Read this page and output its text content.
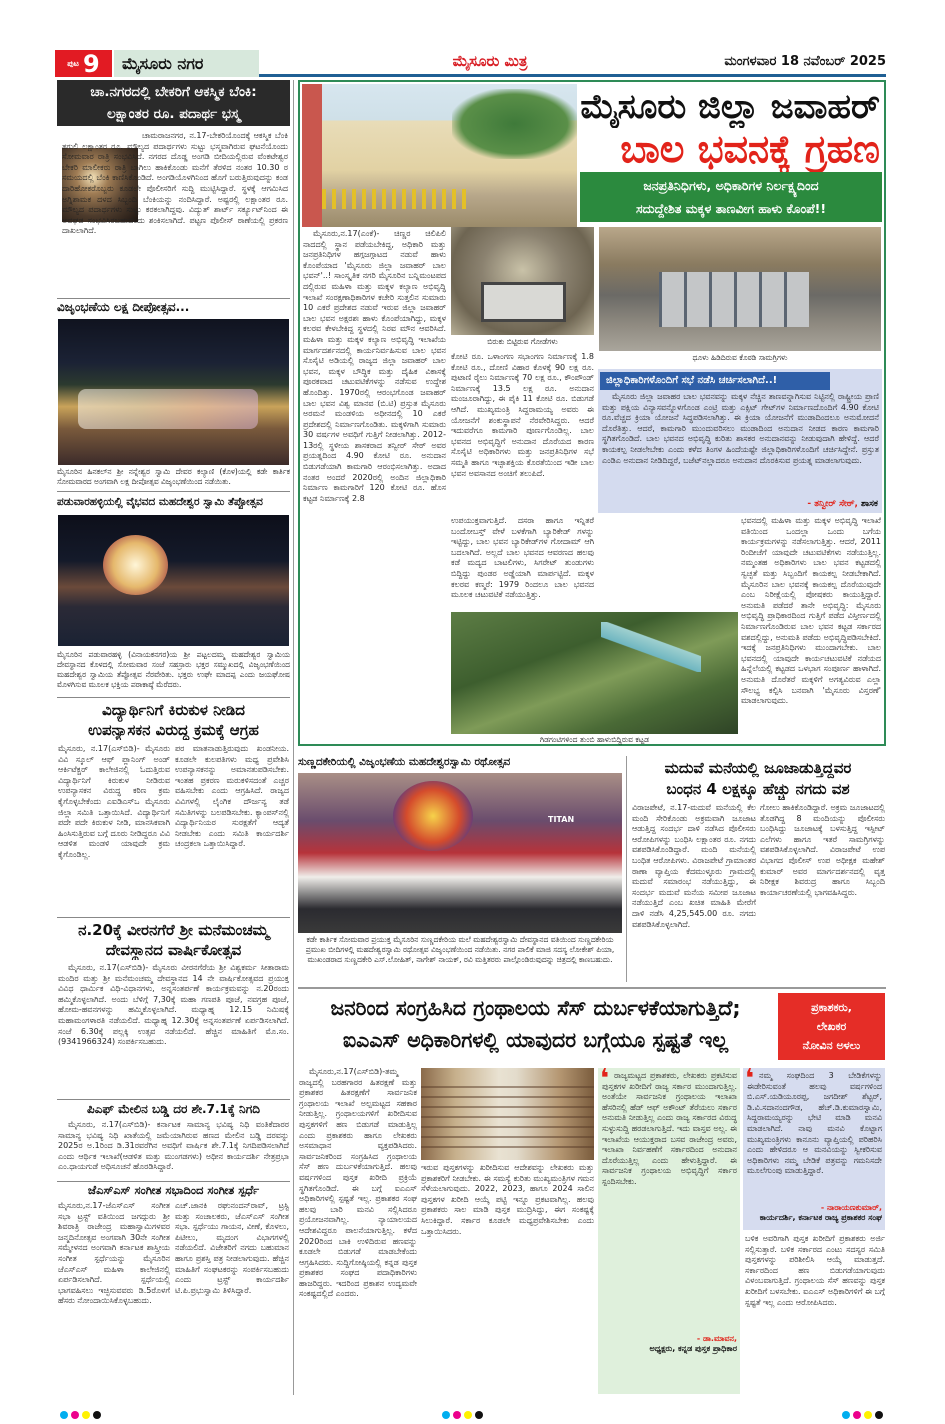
ಪುಟ 9	ಮೈಸೂರು ನಗರ	ಮೈಸೂರು ಮಿತ್ರ	ಮಂಗಳವಾರ 18 ನವೆಂಬರ್ 2025
ಚಾ.ನಗರದಲ್ಲಿ ಬೇಕರಿಗೆ ಆಕಸ್ಮಿಕ ಬೆಂಕಿ:
ಲಕ್ಷಾಂತರ ರೂ. ಪದಾರ್ಥ ಭಸ್ಮ
ಚಾಮರಾಜನಗರ, ನ.17-ಬೇಕರಿಯೊಂದಕ್ಕೆ ಆಕಸ್ಮಿಕ ಬೆಂಕಿ ತಗುಲಿ ಲಕ್ಷಾಂತರ ರೂ. ಮೌಲ್ಯದ ಪದಾರ್ಥಗಳು ಸುಟ್ಟು ಭಸ್ಮವಾಗಿರುವ ಘಟನೆಯೊಂದು ಸೋಮವಾರ ರಾತ್ರಿ ಸಂಭವಿಸಿದೆ. ನಗರದ ದೊಡ್ಡ ಅಂಗಡಿ ಬೀದಿಯಲ್ಲಿರುವ ವೆಂಕಟೇಶ್ವರ ಬೇಕರಿ ಮಾಲೀಕರು ರಾತ್ರಿ ಬಾಗಿಲು ಹಾಕಿಕೊಂಡು ಮನೆಗೆ ತೆರಳಿದ ನಂತರ 10.30 ರ ಸಮಯದಲ್ಲಿ ಬೆಂಕಿ ಕಾಣಿಸಿಕೊಂಡಿದೆ. ಅಂಗಡಿಯೊಳಗಿನಿಂದ ಹೊಗೆ ಬರುತ್ತಿರುವುದನ್ನು ಕಂಡ ದಾರಿಹೋಕರೊಬ್ಬರು ಕೂಡಲೇ ಪೊಲೀಸರಿಗೆ ಸುದ್ದಿ ಮುಟ್ಟಿಸಿದ್ದಾರೆ. ಸ್ಥಳಕ್ಕೆ ಆಗಮಿಸಿದ ಅಗ್ನಿಶಾಮಕ ದಳದ ಸಿಬ್ಬಂದಿ ಬೆಂಕಿಯನ್ನು ನಂದಿಸಿದ್ದಾರೆ. ಅಷ್ಟರಲ್ಲಿ ಲಕ್ಷಾಂತರ ರೂ. ಮೌಲ್ಯದ ಪದಾರ್ಥಗಳು ಸುಟ್ಟು ಕರಕಲಾಗಿದ್ದವು. ವಿದ್ಯುತ್ ಶಾರ್ಟ್ ಸರ್ಕ್ಯೂಟ್‌ನಿಂದ ಈ ಅವಘಡ ಸಂಭವಿಸಿರಬಹುದೆಂದು ಶಂಕಿಸಲಾಗಿದೆ. ಪಟ್ಟಣ ಪೊಲೀಸ್ ಠಾಣೆಯಲ್ಲಿ ಪ್ರಕರಣ ದಾಖಲಾಗಿದೆ.
ವಿಜೃಂಭಣೆಯ ಲಕ್ಷ ದೀಪೋತ್ಸವ...
ಮೈಸೂರಿನ ಹಿನಕಲ್‌ನ ಶ್ರೀ ನನ್ನೇಶ್ವರ ಸ್ವಾಮಿ ದೇವರ ಕಲ್ಯಾಣಿ (ಕೊಳ)ಯಲ್ಲಿ ಕಡೇ ಕಾರ್ತಿಕ ಸೋಮವಾರದ ಅಂಗವಾಗಿ ಲಕ್ಷ ದೀಪೋತ್ಸವ ವಿಜೃಂಭಣೆಯಿಂದ ನಡೆಯಿತು.
ಪಡುವಾರಹಳ್ಳಿಯಲ್ಲಿ ವೈಭವದ ಮಹದೇಶ್ವರ ಸ್ವಾಮಿ ತೆಪ್ಪೋತ್ಸವ
ಮೈಸೂರಿನ ಪಡುವಾರಹಳ್ಳಿ (ವಿನಾಯಕನಗರ)ಯ ಶ್ರೀ ಪಟ್ಟಲದಮ್ಮ ಮಹದೇಶ್ವರ ಸ್ವಾಮಿಯ ದೇವಸ್ಥಾನದ ಕೊಳದಲ್ಲಿ ಸೋಮವಾರ ಸಂಜೆ ಸಹಸ್ರಾರು ಭಕ್ತರ ಸಮ್ಮುಖದಲ್ಲಿ ವಿಜೃಂಭಣೆಯಿಂದ ಮಹದೇಶ್ವರ ಸ್ವಾಮಿಯ ತೆಪ್ಪೋತ್ಸವ ನೆರವೇರಿತು. ಭಕ್ತರು ಉಘೇ ಮಾದಪ್ಪ ಎಂದು ಜಯಘೋಷ ಮೊಳಗಿಸುವ ಮೂಲಕ ಭಕ್ತಿಯ ಪರಾಕಾಷ್ಠೆ ಮೆರೆದರು.
ವಿದ್ಯಾರ್ಥಿನಿಗೆ ಕಿರುಕುಳ ನೀಡಿದ
ಉಪನ್ಯಾಸಕನ ವಿರುದ್ಧ ಕ್ರಮಕ್ಕೆ ಆಗ್ರಹ
ಮೈಸೂರು, ನ.17(ಎಸ್‌ಬಿಡಿ)- ಮೈಸೂರು ವಿವಿ ಸ್ಕೂಲ್ ಆಫ್ ಪ್ಲಾನಿಂಗ್ ಅಂಡ್ ಆರ್ಕಿಟೆಕ್ಚರ್ ಕಾಲೇಜಿನಲ್ಲಿ ಓದುತ್ತಿರುವ ವಿದ್ಯಾರ್ಥಿನಿಗೆ ಕಿರುಕುಳ ನೀಡಿರುವ ಉಪನ್ಯಾಸಕನ ವಿರುದ್ಧ ಕಠಿಣ ಕ್ರಮ ಕೈಗೊಳ್ಳಬೇಕೆಂದು ಎಐಡಿಎಸ್‌ಒ ಮೈಸೂರು ಜಿಲ್ಲಾ ಸಮಿತಿ ಒತ್ತಾಯಿಸಿದೆ. ವಿದ್ಯಾರ್ಥಿನಿಗೆ ಪದೇ ಪದೇ ಕಿರುಕುಳ ನೀಡಿ, ಮಾನಸಿಕವಾಗಿ ಹಿಂಸಿಸುತ್ತಿರುವ ಬಗ್ಗೆ ದೂರು ನೀಡಿದ್ದರೂ ವಿವಿ ಆಡಳಿತ ಮಂಡಳಿ ಯಾವುದೇ ಕ್ರಮ ಕೈಗೊಂಡಿಲ್ಲ.
ಪರ ಮಾತನಾಡುತ್ತಿರುವುದು ಖಂಡನೀಯ. ಕೂಡಲೇ ಕುಲಪತಿಗಳು ಮಧ್ಯ ಪ್ರವೇಶಿಸಿ ಉಪನ್ಯಾಸಕನನ್ನು ಅಮಾನತುಪಡಿಸಬೇಕು. ಇಂತಹ ಪ್ರಕರಣ ಮರುಕಳಿಸದಂತೆ ಎಚ್ಚರ ವಹಿಸಬೇಕು ಎಂದು ಆಗ್ರಹಿಸಿದೆ. ರಾಜ್ಯದ ವಿವಿಗಳಲ್ಲಿ ಲೈಂಗಿಕ ದೌರ್ಜನ್ಯ ತಡೆ ಸಮಿತಿಗಳನ್ನು ಬಲಪಡಿಸಬೇಕು. ಕ್ಯಾಂಪಸ್‌ನಲ್ಲಿ ವಿದ್ಯಾರ್ಥಿನಿಯರ ಸುರಕ್ಷತೆಗೆ ಆದ್ಯತೆ ನೀಡಬೇಕು ಎಂದು ಸಮಿತಿ ಕಾರ್ಯದರ್ಶಿ ಚಂದ್ರಕಲಾ ಒತ್ತಾಯಿಸಿದ್ದಾರೆ.
ನ.20ಕ್ಕೆ ವೀರನಗೆರೆ ಶ್ರೀ ಮನೆಮಂಚಮ್ಮ
ದೇವಸ್ಥಾನದ ವಾರ್ಷಿಕೋತ್ಸವ
ಮೈಸೂರು, ನ.17(ಎಸ್‌ಬಿಡಿ)- ಮೈಸೂರು ವೀರನಗೆರೆಯ ಶ್ರೀ ವಿಶ್ವಕರ್ಮ ಸೀತಾರಾಮ ಮಂದಿರ ಮತ್ತು ಶ್ರೀ ಮನೆಮಂಚಮ್ಮ ದೇವಸ್ಥಾನದ 14 ನೇ ವಾರ್ಷಿಕೋತ್ಸವದ ಪ್ರಯುಕ್ತ ವಿವಿಧ ಧಾರ್ಮಿಕ ವಿಧಿ-ವಿಧಾನಗಳು, ಅನ್ನಸಂತರ್ಪಣೆ ಕಾರ್ಯಕ್ರಮವನ್ನು ನ.20ರಂದು ಹಮ್ಮಿಕೊಳ್ಳಲಾಗಿದೆ. ಅಂದು ಬೆಳಿಗ್ಗೆ 7,30ಕ್ಕೆ ಮಹಾ ಗಣಪತಿ ಪೂಜೆ, ನವಗ್ರಹ ಪೂಜೆ, ಹೋಮ-ಹವನಗಳನ್ನು ಹಮ್ಮಿಕೊಳ್ಳಲಾಗಿದೆ. ಮಧ್ಯಾಹ್ನ 12.15 ನಿಮಿಷಕ್ಕೆ ಮಹಾಮಂಗಳಾರತಿ ನಡೆಯಲಿದೆ. ಮಧ್ಯಾಹ್ನ 12.30ಕ್ಕೆ ಅನ್ನಸಂತರ್ಪಣೆ ಏರ್ಪಡಿಸಲಾಗಿದೆ. ಸಂಜೆ 6.30ಕ್ಕೆ ಪಲ್ಲಕ್ಕಿ ಉತ್ಸವ ನಡೆಯಲಿದೆ. ಹೆಚ್ಚಿನ ಮಾಹಿತಿಗೆ ಮೊ.ಸಂ. (9341966324) ಸಂಪರ್ಕಿಸಬಹುದು.
ಪಿಎಫ್ ಮೇಲಿನ ಬಡ್ಡಿ ದರ ಶೇ.7.1ಕ್ಕೆ ನಿಗದಿ
ಮೈಸೂರು, ನ.17(ಎಸ್‌ಬಿಡಿ)- ಕರ್ನಾಟಕ ಸಾಮಾನ್ಯ ಭವಿಷ್ಯ ನಿಧಿ ವಂತಿಕೆದಾರರ ಸಾಮಾನ್ಯ ಭವಿಷ್ಯ ನಿಧಿ ಖಾತೆಯಲ್ಲಿ ಜಮೆಯಾಗಿರುವ ಹಣದ ಮೇಲಿನ ಬಡ್ಡಿ ದರವನ್ನು 2025ರ ಅ.1ರಿಂದ ಡಿ.31ರವರೆಗಿನ ಅವಧಿಗೆ ವಾರ್ಷಿಕ ಶೇ.7.1ಕ್ಕೆ ನಿಗದಿಪಡಿಸಲಾಗಿದೆ ಎಂದು ಆರ್ಥಿಕ ಇಲಾಖೆ(ಆಡಳಿತ ಮತ್ತು ಮುಂಗಡಗಳು) ಅಧೀನ ಕಾರ್ಯದರ್ಶಿ ನೇತ್ರಪ್ರಭಾ ಎಂ.ಧಾಯಗುಡೆ ಅಧಿಸೂಚನೆ ಹೊರಡಿಸಿದ್ದಾರೆ.
ಜೆಎಸ್‌ಎಸ್ ಸಂಗೀತ ಸಭಾದಿಂದ ಸಂಗೀತ ಸ್ಪರ್ಧೆ
ಮೈಸೂರು,ನ.17-ಜೆಎಸ್‌ಎಸ್ ಸಂಗೀತ ಸಭಾ ಟ್ರಸ್ಟ್ ವತಿಯಿಂದ ಜಗದ್ಗುರು ಶ್ರೀ ಶಿವರಾತ್ರಿ ರಾಜೇಂದ್ರ ಮಹಾಸ್ವಾಮಿಗಳವರ ಜನ್ಮದಿನೋತ್ಸವ ಅಂಗವಾಗಿ 30ನೇ ಸಂಗೀತ ಸಮ್ಮೇಳನದ ಅಂಗವಾಗಿ ಕರ್ನಾಟಕ ಶಾಸ್ತ್ರೀಯ ಸಂಗೀತ ಸ್ಪರ್ಧೆಯನ್ನು ಮೈಸೂರಿನ ಜೆಎಸ್‌ಎಸ್ ಮಹಿಳಾ ಕಾಲೇಜಿನಲ್ಲಿ ಏರ್ಪಡಿಸಲಾಗಿದೆ. ಸ್ಪರ್ಧೆಯಲ್ಲಿ ಭಾಗವಹಿಸಲು ಇಚ್ಛಿಸುವವರು ಡಿ.5ರೊಳಗೆ ಹೆಸರು ನೋಂದಾಯಿಸಿಕೊಳ್ಳಬಹುದು.
ಎಚ್.ಜಾನಕಿ ರಘುನಂದನ್‌ರಾವ್, ಟ್ರಸ್ಟಿ ಮತ್ತು ಸಂಚಾಲಕರು, ಜೆಎಸ್‌ಎಸ್ ಸಂಗೀತ ಸಭಾ. ಸ್ಪರ್ಧೆಯು ಗಾಯನ, ವೀಣೆ, ಕೊಳಲು, ಪಿಟೀಲು, ಮೃದಂಗ ವಿಭಾಗಗಳಲ್ಲಿ ನಡೆಯಲಿದೆ. ವಿಜೇತರಿಗೆ ನಗದು ಬಹುಮಾನ ಹಾಗೂ ಪ್ರಶಸ್ತಿ ಪತ್ರ ನೀಡಲಾಗುವುದು. ಹೆಚ್ಚಿನ ಮಾಹಿತಿಗೆ ಸಂಘಟಕರನ್ನು ಸಂಪರ್ಕಿಸಬಹುದು ಎಂದು ಟ್ರಸ್ಟ್ ಕಾರ್ಯದರ್ಶಿ ಟಿ.ಪಿ.ಪ್ರಭುಸ್ವಾಮಿ ತಿಳಿಸಿದ್ದಾರೆ.
ಮೈಸೂರು ಜಿಲ್ಲಾ ಜವಾಹರ್
ಬಾಲ ಭವನಕ್ಕೆ ಗ್ರಹಣ
ಜನಪ್ರತಿನಿಧಿಗಳು, ಅಧಿಕಾರಿಗಳ ನಿರ್ಲಕ್ಷ್ಯದಿಂದ
ಸದುದ್ದೇಶಿತ ಮಕ್ಕಳ ತಾಣವೀಗ ಹಾಳು ಕೊಂಪೆ!!
ಮೈಸೂರು,ನ.17(ಎಂಕೆ)- ಚಿಣ್ಣರ ಚಿಲಿಪಿಲಿ ನಾದದಲ್ಲಿ ಸ್ಥಾನ ಪಡೆಯಬೇಕಿದ್ದ, ಅಧಿಕಾರಿ ಮತ್ತು ಜನಪ್ರತಿನಿಧಿಗಳ ಹಗ್ಗಜಗ್ಗಾಟದ ನಡುವೆ ಹಾಳು ಕೊಂಪೆಯಾದ 'ಮೈಸೂರು ಜಿಲ್ಲಾ ಜವಾಹರ್ ಬಾಲ ಭವನ್'..! ಸಾಂಸ್ಕೃತಿಕ ನಗರಿ ಮೈಸೂರಿನ ಬನ್ನಿಮಂಟಪದ ದಲ್ಲಿರುವ ಮಹಿಳಾ ಮತ್ತು ಮಕ್ಕಳ ಕಲ್ಯಾಣ ಅಭಿವೃದ್ಧಿ ಇಲಾಖೆ ಸಂರಕ್ಷಣಾಧಿಕಾರಿಗಳ ಕಚೇರಿ ಸುತ್ತಲಿನ ಸುಮಾರು 10 ಎಕರೆ ಪ್ರದೇಶದ ನಡುವೆ ಇರುವ ಜಿಲ್ಲಾ ಜವಾಹರ್ ಬಾಲ ಭವನ ಅಕ್ಷರಶಃ ಹಾಳು ಕೊಂಪೆಯಾಗಿದ್ದು, ಮಕ್ಕಳ ಕಲರವ ಕೇಳಬೇಕಿದ್ದ ಸ್ಥಳದಲ್ಲಿ ನಿರವ ಮೌನ ಆವರಿಸಿದೆ. ಮಹಿಳಾ ಮತ್ತು ಮಕ್ಕಳ ಕಲ್ಯಾಣ ಅಭಿವೃದ್ಧಿ ಇಲಾಖೆಯ ಮಾರ್ಗದರ್ಶನದಲ್ಲಿ ಕಾರ್ಯನಿರ್ವಹಿಸುವ ಬಾಲ ಭವನ ಸೊಸೈಟಿ ಅಡಿಯಲ್ಲಿ ರಾಜ್ಯದ ಜಿಲ್ಲಾ ಜವಾಹರ್ ಬಾಲ ಭವನ, ಮಕ್ಕಳ ಬೌದ್ಧಿಕ ಮತ್ತು ದೈಹಿಕ ವಿಕಾಸಕ್ಕೆ ಪೂರಕವಾದ ಚಟುವಟಿಕೆಗಳನ್ನು ನಡೆಸುವ ಉದ್ದೇಶ ಹೊಂದಿತ್ತು. 1970ರಲ್ಲಿ ಆರಂಭಗೊಂಡ ಜವಾಹರ್ ಬಾಲ ಭವನ ವಿಶ್ವ ಮಾನವ (ಬಿ.ಟಿ) ಪ್ರಸ್ತುತ ಮೈಸೂರು ಅರಮನೆ ಮಂಡಳಿಯ ಅಧೀನದಲ್ಲಿ 10 ಎಕರೆ ಪ್ರದೇಶದಲ್ಲಿ ನಿರ್ಮಾಣಗೊಂಡಿತು. ಮಕ್ಕಳಿಗಾಗಿ ಸುಮಾರು 30 ವರ್ಷಗಳ ಅವಧಿಗೆ ಗುತ್ತಿಗೆ ನೀಡಲಾಗಿತ್ತು. 2012-13ರಲ್ಲಿ ಸ್ಥಳೀಯ ಶಾಸಕರಾದ ತನ್ವೀರ್ ಸೇಠ್ ಅವರ ಪ್ರಯತ್ನದಿಂದ 4.90 ಕೋಟಿ ರೂ. ಅನುದಾನ ಬಿಡುಗಡೆಯಾಗಿ ಕಾಮಗಾರಿ ಆರಂಭಿಸಲಾಗಿತ್ತು. ಅದಾದ ನಂತರ ಅಂದರೆ 2020ರಲ್ಲಿ ಅಂದಿನ ಜಿಲ್ಲಾಧಿಕಾರಿ ನಿರ್ಮಾಣ ಕಾಮಗಾರಿಗೆ 120 ಕೋಟಿ ರೂ. ಹೊಸ ಕಟ್ಟಡ ನಿರ್ಮಾಣಕ್ಕೆ 2.8
ಬಿರುಕು ಬಿಟ್ಟಿರುವ ಗೋಡೆಗಳು
ಕೋಟಿ ರೂ. ಒಳಾಂಗಣ ಸಭಾಂಗಣ ನಿರ್ಮಾಣಕ್ಕೆ 1.8 ಕೋಟಿ ರೂ., ದೋಣಿ ವಿಹಾರ ಕೊಳಕ್ಕೆ 90 ಲಕ್ಷ ರೂ. ಪುಟಾಣಿ ರೈಲು ನಿರ್ಮಾಣಕ್ಕೆ 70 ಲಕ್ಷ ರೂ., ಕೌಂಪೌಂಡ್ ನಿರ್ಮಾಣಕ್ಕೆ 13.5 ಲಕ್ಷ ರೂ. ಅನುದಾನ ಮಂಜೂರಾಗಿದ್ದು, ಈ ಪೈಕಿ 11 ಕೋಟಿ ರೂ. ಬಿಡುಗಡೆ ಆಗಿದೆ. ಮುಖ್ಯಮಂತ್ರಿ ಸಿದ್ದರಾಮಯ್ಯ ಅವರು ಈ ಯೋಜನೆಗೆ ಶಂಕುಸ್ಥಾಪನೆ ನೆರವೇರಿಸಿದ್ದರು. ಆದರೆ ಇದುವರೆಗೂ ಕಾಮಗಾರಿ ಪೂರ್ಣಗೊಂಡಿಲ್ಲ. ಬಾಲ ಭವನದ ಅಭಿವೃದ್ಧಿಗೆ ಅನುದಾನ ದೊರೆಯದ ಕಾರಣ ಸೊಸೈಟಿ ಅಧಿಕಾರಿಗಳು ಮತ್ತು ಜನಪ್ರತಿನಿಧಿಗಳ ಸಭೆ ಸಮ್ಮತಿ ಹಾಗೂ ಇಚ್ಛಾಶಕ್ತಿಯ ಕೊರತೆಯಿಂದ ಇಡೀ ಬಾಲ ಭವನ ಅವಸಾನದ ಅಂಚಿಗೆ ತಲುಪಿದೆ.
ಧೂಳು ಹಿಡಿದಿರುವ ಕೊಠಡಿ ಸಾಮಗ್ರಿಗಳು
ಜಿಲ್ಲಾಧಿಕಾರಿಗಳೊಂದಿಗೆ ಸಭೆ ನಡೆಸಿ ಚರ್ಚಿಸಲಾಗಿದೆ..!
ಮೈಸೂರು ಜಿಲ್ಲಾ ಜವಾಹರ ಬಾಲ ಭವನವನ್ನು ಮಕ್ಕಳ ನೆಚ್ಚಿನ ತಾಣವನ್ನಾಗಿಸುವ ನಿಟ್ಟಿನಲ್ಲಿ ರಾಷ್ಟ್ರೀಯ ಪ್ರಾಣಿ ಮತ್ತು ಪಕ್ಷಿಯ ವಿನ್ಯಾಸವನ್ನೊಳಗೊಂಡ ಎಂಟ್ರಿ ಮತ್ತು ಎಕ್ಸಿಟ್ ಗೇಟ್‌ಗಳ ನಿರ್ಮಾಣದೊಂದಿಗೆ 4.90 ಕೋಟಿ ರೂ.ವೆಚ್ಚದ ಕ್ರಿಯಾ ಯೋಜನೆ ಸಿದ್ಧಪಡಿಸಲಾಗಿತ್ತು. ಈ ಕ್ರಿಯಾ ಯೋಜನೆಗೆ ಮುಡಾದಿಂದಲೂ ಅನುಮೋದನೆ ದೊರೆತಿತ್ತು. ಆದರೆ, ಕಾಮಗಾರಿ ಮುಂದುವರಿಸಲು ಮುಡಾದಿಂದ ಅನುದಾನ ನೀಡದ ಕಾರಣ ಕಾಮಗಾರಿ ಸ್ಥಗಿತಗೊಂಡಿದೆ. ಬಾಲ ಭವನದ ಅಭಿವೃದ್ಧಿ ಕುರಿತು ಶಾಸಕರ ಅನುದಾನವನ್ನು ನೀಡುವುದಾಗಿ ಹೇಳಿದ್ದೆ. ಆದರೆ ಕಾಯಕಲ್ಪ ನೀಡಲೇಬೇಕು ಎಂದು ಕಳೆದ ತಿಂಗಳ ಹಿಂದೆಯಷ್ಟೇ ಜಿಲ್ಲಾಧಿಕಾರಿಗಳೊಂದಿಗೆ ಚರ್ಚಿಸಿದ್ದೇನೆ. ಪ್ರಸ್ತುತ ಎಂಡಿಎ ಅನುದಾನ ನೀಡಿದಿದ್ದರೆ, ಬಜೆಟ್‌ನಲ್ಲಾದರೂ ಅನುದಾನ ದೊರಕಿಸುವ ಪ್ರಯತ್ನ ಮಾಡಲಾಗುವುದು.
- ತನ್ವೀರ್ ಸೇಠ್, ಶಾಸಕ
ಉಪಯುಕ್ತವಾಗುತ್ತಿದೆ. ದಸರಾ ಹಾಗೂ ಇನ್ನಿತರೆ ಬಂದೋಬಸ್ತ್ ವೇಳೆ ಬಳಕೆಗಾಗಿ ಬ್ಯಾರಿಕೇಡ್ ಗಳನ್ನು ಇಟ್ಟಿದ್ದು, ಬಾಲ ಭವನ ಬ್ಯಾರಿಕೇಡ್‌ಗಳ ಗೋದಾಮ್ ಆಗಿ ಬದಲಾಗಿದೆ. ಅಲ್ಲದೆ ಬಾಲ ಭವನದ ಆವರಣದ ಹಲವು ಕಡೆ ಮದ್ಯದ ಬಾಟಲಿಗಳು, ಸಿಗರೇಟ್ ತುಂಡುಗಳು ಬಿದ್ದಿದ್ದು ಪುಂಡರ ಅಡ್ಡೆಯಾಗಿ ಮಾರ್ಪಟ್ಟಿದೆ. ಮಕ್ಕಳ ಕಲರವ ಕಣ್ಮರೆ: 1979 ರಿಂದಲೂ ಬಾಲ ಭವನದ ಮೂಲಕ ಚಟುವಟಿಕೆ ನಡೆಯುತ್ತಿತ್ತು.
ಭವನದಲ್ಲಿ ಮಹಿಳಾ ಮತ್ತು ಮಕ್ಕಳ ಅಭಿವೃದ್ಧಿ ಇಲಾಖೆ ವತಿಯಿಂದ ಒಂದಲ್ಲಾ ಒಂದು ಬಗೆಯ ಕಾರ್ಯಕ್ರಮಗಳನ್ನು ನಡೆಸಲಾಗುತ್ತಿತ್ತು. ಆದರೆ, 2011 ರಿಂದೀಚೆಗೆ ಯಾವುದೇ ಚಟುವಟಿಕೆಗಳು ನಡೆಯುತ್ತಿಲ್ಲ. ನಮ್ಮಂತಹ ಅಧಿಕಾರಿಗಳು ಬಾಲ ಭವನ ಕಟ್ಟಡದಲ್ಲಿ ಸ್ವಚ್ಛತೆ ಮತ್ತು ಸಿಬ್ಬಂದಿಗೆ ಕಾಯಕಲ್ಪ ನೀಡಬೇಕಾಗಿದೆ. ಮೈಸೂರಿನ ಬಾಲ ಭವನಕ್ಕೆ ಕಾಯಕಲ್ಪ ದೊರೆಯುವುದೇ ಎಂಬ ನಿರೀಕ್ಷೆಯಲ್ಲಿ ಪೋಷಕರು ಕಾಯುತ್ತಿದ್ದಾರೆ. ಅನುಮತಿ ಪಡೆದರೆ ತಾನೇ ಅಭಿವೃದ್ಧಿ: ಮೈಸೂರು ಅಭಿವೃದ್ಧಿ ಪ್ರಾಧಿಕಾರದಿಂದ ಗುತ್ತಿಗೆ ಪಡೆದ ವಿಸ್ತೀರ್ಣದಲ್ಲಿ ನಿರ್ಮಾಣಗೊಂಡಿರುವ ಬಾಲ ಭವನ ಕಟ್ಟಡ ಸರ್ಕಾರದ ವಶದಲ್ಲಿದ್ದು, ಅನುಮತಿ ಪಡೆದು ಅಭಿವೃದ್ಧಿಪಡಿಸಬೇಕಿದೆ. ಇದಕ್ಕೆ ಜನಪ್ರತಿನಿಧಿಗಳು ಮುಂದಾಗಬೇಕು. ಬಾಲ ಭವನದಲ್ಲಿ ಯಾವುದೇ ಕಾರ್ಯಚಟುವಟಿಕೆ ನಡೆಯದ ಹಿನ್ನೆಲೆಯಲ್ಲಿ ಕಟ್ಟಡದ ಒಳಭಾಗ ಸಂಪೂರ್ಣ ಹಾಳಾಗಿದೆ. ಅನುಮತಿ ದೊರೆತರೆ ಮಕ್ಕಳಿಗೆ ಅಗತ್ಯವಿರುವ ಎಲ್ಲಾ ಸೌಲಭ್ಯ ಕಲ್ಪಿಸಿ ಬನವಾಗಿ 'ಮೈಸೂರು ವಿಸ್ತರಣೆ' ಮಾಡಲಾಗುವುದು.
ಗಿಡಗಂಟಿಗಳಿಂದ ತುಂಬಿ ಹಾಳುಬಿದ್ದಿರುವ ಕಟ್ಟಡ
ಸುಣ್ಣದಕೇರಿಯಲ್ಲಿ ವಿಜೃಂಭಣೆಯ ಮಹದೇಶ್ವರಸ್ವಾಮಿ ರಥೋತ್ಸವ
TITAN
ಕಡೇ ಕಾರ್ತಿಕ ಸೋಮವಾರ ಪ್ರಯುಕ್ತ ಮೈಸೂರಿನ ಸುಣ್ಣದಕೇರಿಯ ಮಲೆ ಮಹದೇಶ್ವರಸ್ವಾಮಿ ದೇವಸ್ಥಾನದ ವತಿಯಿಂದ ಸುಣ್ಣದಕೇರಿಯ ಪ್ರಮುಖ ಬೀದಿಗಳಲ್ಲಿ ಮಹದೇಶ್ವರಸ್ವಾಮಿ ರಥೋತ್ಸವ ವಿಜೃಂಭಣೆಯಿಂದ ನಡೆಯಿತು. ನಗರ ಪಾಲಿಕೆ ಮಾಜಿ ಸದಸ್ಯ ಲೋಕೇಶ್ ಪಿಯಾ, ಮುಖಂಡರಾದ ಸುಣ್ಣದಕೇರಿ ಎಸ್.ಲೋಹಿತ್, ನಾಗೇಶ್ ನಾಯಕ್, ರವಿ ಮತ್ತಿತರರು ಪಾಲ್ಗೊಂಡಿರುವುದನ್ನು ಚಿತ್ರದಲ್ಲಿ ಕಾಣಬಹುದು.
ಮದುವೆ ಮನೆಯಲ್ಲಿ ಜೂಜಾಡುತ್ತಿದ್ದವರ
ಬಂಧನ 4 ಲಕ್ಷಕ್ಕೂ ಹೆಚ್ಚು ನಗದು ವಶ
ವಿರಾಜಪೇಟೆ, ನ.17-ಮದುವೆ ಮನೆಯಲ್ಲಿ ಕೆಲ ಮಂದಿ ಸೇರಿಕೊಂಡು ಅಕ್ರಮವಾಗಿ ಜೂಜಾಟ ಆಡುತ್ತಿದ್ದ ಸಂದರ್ಭ ದಾಳಿ ನಡೆಸಿದ ಪೊಲೀಸರು ಆರೋಪಿಗಳನ್ನು ಬಂಧಿಸಿ ಲಕ್ಷಾಂತರ ರೂ. ನಗದು ವಶಪಡಿಸಿಕೊಂಡಿದ್ದಾರೆ. ಮಂದಿ ಮನೆಯಲ್ಲಿ ಬಂಧಿತ ಆರೋಪಿಗಳು. ವಿರಾಜಪೇಟೆ ಗ್ರಾಮಾಂತರ ಠಾಣಾ ವ್ಯಾಪ್ತಿಯ ಕೆದಮುಳ್ಳೂರು ಗ್ರಾಮದಲ್ಲಿ ಮದುವೆ ಸಮಾರಂಭ ನಡೆಯುತ್ತಿದ್ದು, ಈ ಸಂದರ್ಭ ಮದುವೆ ಮನೆಯ ಸಮೀಪ ಜೂಜಾಟ ನಡೆಯುತ್ತಿದೆ ಎಂಬ ಖಚಿತ ಮಾಹಿತಿ ಮೇರೆಗೆ ದಾಳಿ ನಡೆಸಿ 4,25,545.00 ರೂ. ನಗದು ವಶಪಡಿಸಿಕೊಳ್ಳಲಾಗಿದೆ.
ಗೋಲು ಹಾಕಿಕೊಂಡಿದ್ದಾರೆ. ಅಕ್ರಮ ಜೂಜಾಟದಲ್ಲಿ ತೊಡಗಿದ್ದ 8 ಮಂದಿಯನ್ನು ಪೊಲೀಸರು ಬಂಧಿಸಿದ್ದು ಜೂಜಾಟಕ್ಕೆ ಬಳಸುತ್ತಿದ್ದ ಇಸ್ಪೀಟ್ ಎಲೆಗಳು ಹಾಗೂ ಇತರೆ ಸಾಮಗ್ರಿಗಳನ್ನು ವಶಪಡಿಸಿಕೊಳ್ಳಲಾಗಿದೆ. ವಿರಾಜಪೇಟೆ ಉಪ ವಿಭಾಗದ ಪೊಲೀಸ್ ಉಪ ಅಧೀಕ್ಷಕ ಮಹೇಶ್ ಕುಮಾರ್ ಅವರ ಮಾರ್ಗದರ್ಶನದಲ್ಲಿ ವೃತ್ತ ನಿರೀಕ್ಷಕ ಶಿವರುದ್ರ ಹಾಗೂ ಸಿಬ್ಬಂದಿ ಕಾರ್ಯಾಚರಣೆಯಲ್ಲಿ ಭಾಗವಹಿಸಿದ್ದರು.
ಜನರಿಂದ ಸಂಗ್ರಹಿಸಿದ ಗ್ರಂಥಾಲಯ ಸೆಸ್ ದುರ್ಬಳಕೆಯಾಗುತ್ತಿದೆ;
ಐಎಎಸ್ ಅಧಿಕಾರಿಗಳಲ್ಲಿ ಯಾವುದರ ಬಗ್ಗೆಯೂ ಸ್ಪಷ್ಟತೆ ಇಲ್ಲ
ಪ್ರಕಾಶಕರು,
ಲೇಖಕರ
ನೋವಿನ ಅಳಲು
ಮೈಸೂರು,ನ.17(ಎಸ್‌ಬಿಡಿ)-ತಮ್ಮ ರಾಜ್ಯದಲ್ಲಿ ಬರಹಗಾರರ ಹಿತರಕ್ಷಣೆ ಮತ್ತು ಪ್ರಕಾಶಕರ ಹಿತರಕ್ಷಣೆಗೆ ಸಾರ್ವಜನಿಕ ಗ್ರಂಥಾಲಯ ಇಲಾಖೆ ಅಲ್ಪಮಟ್ಟದ ಸಹಕಾರ ನೀಡುತ್ತಿಲ್ಲ. ಗ್ರಂಥಾಲಯಗಳಿಗೆ ಖರೀದಿಸುವ ಪುಸ್ತಕಗಳಿಗೆ ಹಣ ಬಿಡುಗಡೆ ಮಾಡುತ್ತಿಲ್ಲ ಎಂದು ಪ್ರಕಾಶಕರು ಹಾಗೂ ಲೇಖಕರು ಅಸಮಾಧಾನ ವ್ಯಕ್ತಪಡಿಸಿದರು. ಸಾರ್ವಜನಿಕರಿಂದ ಸಂಗ್ರಹಿಸಿದ ಗ್ರಂಥಾಲಯ ಸೆಸ್ ಹಣ ದುರ್ಬಳಕೆಯಾಗುತ್ತಿದೆ. ಹಲವು ವರ್ಷಗಳಿಂದ ಪುಸ್ತಕ ಖರೀದಿ ಪ್ರಕ್ರಿಯೆ ಸ್ಥಗಿತಗೊಂಡಿದೆ. ಈ ಬಗ್ಗೆ ಐಎಎಸ್ ಅಧಿಕಾರಿಗಳಲ್ಲಿ ಸ್ಪಷ್ಟತೆ ಇಲ್ಲ. ಪ್ರಕಾಶಕರ ಸಂಘ ಹಲವು ಬಾರಿ ಮನವಿ ಸಲ್ಲಿಸಿದರೂ ಪ್ರಯೋಜನವಾಗಿಲ್ಲ. ನ್ಯಾಯಾಲಯದ ಆದೇಶವಿದ್ದರೂ ಪಾಲನೆಯಾಗುತ್ತಿಲ್ಲ. ಕಳೆದ 2020ರಿಂದ ಬಾಕಿ ಉಳಿದಿರುವ ಹಣವನ್ನು ಕೂಡಲೇ ಬಿಡುಗಡೆ ಮಾಡಬೇಕೆಂದು ಆಗ್ರಹಿಸಿದರು. ಸುದ್ದಿಗೋಷ್ಠಿಯಲ್ಲಿ ಕನ್ನಡ ಪುಸ್ತಕ ಪ್ರಕಾಶಕರ ಸಂಘದ ಪದಾಧಿಕಾರಿಗಳು ಹಾಜರಿದ್ದರು. ಇದರಿಂದ ಪ್ರಕಾಶನ ಉದ್ಯಮವೇ ಸಂಕಷ್ಟದಲ್ಲಿದೆ ಎಂದರು.
ಇರುವ ಪುಸ್ತಕಗಳನ್ನು ಖರೀದಿಸುವ ಆದೇಶವನ್ನು ಲೇಖಕರು ಮತ್ತು ಪ್ರಕಾಶಕರಿಗೆ ನೀಡಬೇಕು. ಈ ಸಮಸ್ಯೆ ಕುರಿತು ಮುಖ್ಯಮಂತ್ರಿಗಳ ಗಮನ ಸೆಳೆಯಲಾಗುವುದು. 2022, 2023, ಹಾಗೂ 2024 ಸಾಲಿನ ಪುಸ್ತಕಗಳ ಖರೀದಿ ಆಯ್ಕೆ ಪಟ್ಟಿ ಇನ್ನೂ ಪ್ರಕಟವಾಗಿಲ್ಲ. ಹಲವು ಪ್ರಕಾಶಕರು ಸಾಲ ಮಾಡಿ ಪುಸ್ತಕ ಮುದ್ರಿಸಿದ್ದು, ಈಗ ಸಂಕಷ್ಟಕ್ಕೆ ಸಿಲುಕಿದ್ದಾರೆ. ಸರ್ಕಾರ ಕೂಡಲೇ ಮಧ್ಯಪ್ರವೇಶಿಸಬೇಕು ಎಂದು ಒತ್ತಾಯಿಸಿದರು.
❛ ರಾಜ್ಯಮಟ್ಟದ ಪ್ರಕಾಶಕರು, ಲೇಖಕರು ಪ್ರಕಟಿಸುವ ಪುಸ್ತಕಗಳ ಖರೀದಿಗೆ ರಾಜ್ಯ ಸರ್ಕಾರ ಮುಂದಾಗುತ್ತಿಲ್ಲ. ಅಂತೆಯೇ ಸಾರ್ವಜನಿಕ ಗ್ರಂಥಾಲಯ ಇಲಾಖಾ ಹೆಸರಿನಲ್ಲಿ ಹೆಡ್ ಆಫ್ ಅಕೌಂಟ್ ತೆರೆಯಲು ಸರ್ಕಾರ ಅನುಮತಿ ನೀಡುತ್ತಿಲ್ಲ ಎಂದು ರಾಜ್ಯ ಸರ್ಕಾರದ ವಿರುದ್ಧ ಸುಳ್ಳುಸುದ್ದಿ ಹರಡಲಾಗುತ್ತಿದೆ. ಇದು ವಾಸ್ತವ ಅಲ್ಲ. ಈ ಇಲಾಖೆಯ ಆಯುಕ್ತರಾದ ಬಸವ ರಾಜೇಂದ್ರ ಅವರು, ಇಲಾಖಾ ನಿರ್ವಹಣೆಗೆ ಸರ್ಕಾರದಿಂದ ಅನುದಾನ ದೊರೆಯುತ್ತಿಲ್ಲ ಎಂದು ಹೇಳುತ್ತಿದ್ದಾರೆ. ಈ ಸಾರ್ವಜನಿಕ ಗ್ರಂಥಾಲಯ ಅಭಿವೃದ್ಧಿಗೆ ಸರ್ಕಾರ ಸ್ಪಂದಿಸಬೇಕು.
- ಡಾ.ಮಾವನ,
ಅಧ್ಯಕ್ಷರು, ಕನ್ನಡ ಪುಸ್ತಕ ಪ್ರಾಧಿಕಾರ
❛ ನಮ್ಮ ಸಂಘದಿಂದ 3 ಬೇಡಿಕೆಗಳನ್ನು ಈಡೇರಿಸುವಂತೆ ಹಲವು ವರ್ಷಗಳಿಂದ ಬಿ.ಎಸ್.ಯಡಿಯೂರಪ್ಪ, ಜಗದೀಶ್ ಶೆಟ್ಟರ್, ಡಿ.ವಿ.ಸದಾನಂದಗೌಡ, ಹೆಚ್.ಡಿ.ಕುಮಾರಸ್ವಾಮಿ, ಸಿದ್ದರಾಮಯ್ಯರನ್ನು ಭೇಟಿ ಮಾಡಿ ಮನವಿ ಮಾಡಲಾಗಿದೆ. ನಾವು ಮನವಿ ಕೊಟ್ಟಾಗ ಮುಖ್ಯಮಂತ್ರಿಗಳು ಕಾನೂನು ವ್ಯಾಪ್ತಿಯಲ್ಲಿ ಪರಿಹರಿಸಿ ಎಂದು ಹೇಳಿದರೂ ಆ ಮನವಿಯನ್ನು ಸ್ವೀಕರಿಸುವ ಅಧಿಕಾರಿಗಳು ನಮ್ಮ ಬೇಡಿಕೆ ಪತ್ರವನ್ನು ಗಮನಿಸದೇ ಮೂಲೆಗುಂಪು ಮಾಡುತ್ತಿದ್ದಾರೆ.
- ನಾರಾಯಣಕುಮಾರ್,
ಕಾರ್ಯದರ್ಶಿ, ಕರ್ನಾಟಕ ರಾಜ್ಯ ಪ್ರಕಾಶಕರ ಸಂಘ
ಬಳಿಕ ಅವರಿಗಾಗಿ ಪುಸ್ತಕ ಖರೀದಿಗೆ ಪ್ರಕಾಶಕರು ಅರ್ಜಿ ಸಲ್ಲಿಸುತ್ತಾರೆ. ಬಳಿಕ ಸರ್ಕಾರದ ಎಂಟು ಸದಸ್ಯರ ಸಮಿತಿ ಪುಸ್ತಕಗಳನ್ನು ಪರಿಶೀಲಿಸಿ ಆಯ್ಕೆ ಮಾಡುತ್ತದೆ. ಸರ್ಕಾರದಿಂದ ಹಣ ಬಿಡುಗಡೆಯಾಗುವುದು ವಿಳಂಬವಾಗುತ್ತಿದೆ. ಗ್ರಂಥಾಲಯ ಸೆಸ್ ಹಣವನ್ನು ಪುಸ್ತಕ ಖರೀದಿಗೆ ಬಳಸಬೇಕು. ಐಎಎಸ್ ಅಧಿಕಾರಿಗಳಿಗೆ ಈ ಬಗ್ಗೆ ಸ್ಪಷ್ಟತೆ ಇಲ್ಲ ಎಂದು ಆರೋಪಿಸಿದರು.
